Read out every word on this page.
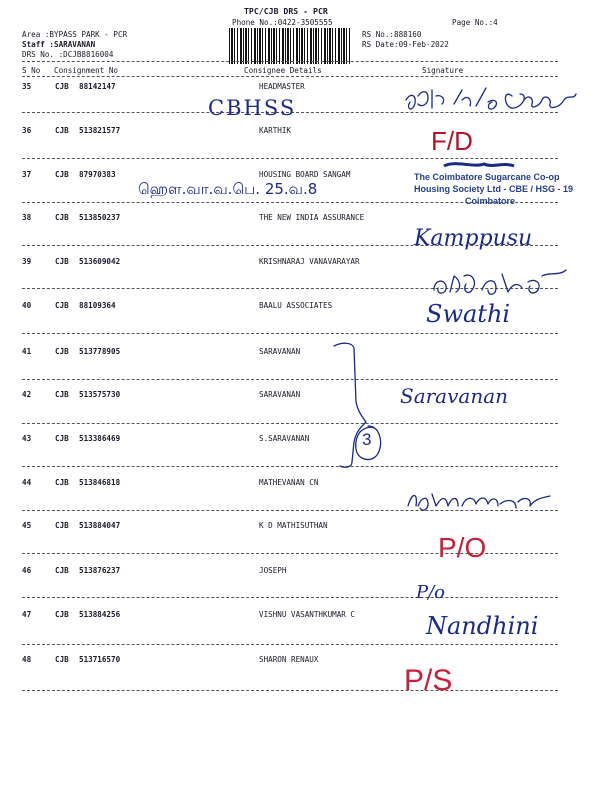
TPC/CJB DRS - PCR
Phone No.:0422-3505555	Page No.:4
Area :BYPASS PARK - PCR
Staff :SARAVANAN
DRS No. :DCJB8816004
RS No.:888160
RS Date:09-Feb-2022
S No Consignment No	Consignee Details	Signature
35	CJB 88142147	HEADMASTER
36	CJB 513821577	KARTHIK
37	CJB 87970383	HOUSING BOARD SANGAM
38	CJB 513850237	THE NEW INDIA ASSURANCE
39	CJB 513609042	KRISHNARAJ VANAVARAYAR
40	CJB 88109364	BAALU ASSOCIATES
41	CJB 513778905	SARAVANAN
42	CJB 513575730	SARAVANAN
43	CJB 513386469	S.SARAVANAN
44	CJB 513846818	MATHEVANAN CN
45	CJB 513884047	K D MATHISUTHAN
46	CJB 513876237	JOSEPH
47	CJB 513884256	VISHNU VASANTHKUMAR C
48	CJB 513716570	SHARON RENAUX
CBHSS
F/D
ஹௌ.வா.வ.பெ. 25.வ.8
The Coimbatore Sugarcane Co-op
Housing Society Ltd - CBE / HSG - 19
Coimbatore
Kamppusu
Swathi
Saravanan
3
P/O
P/o
Nandhini
P/S
